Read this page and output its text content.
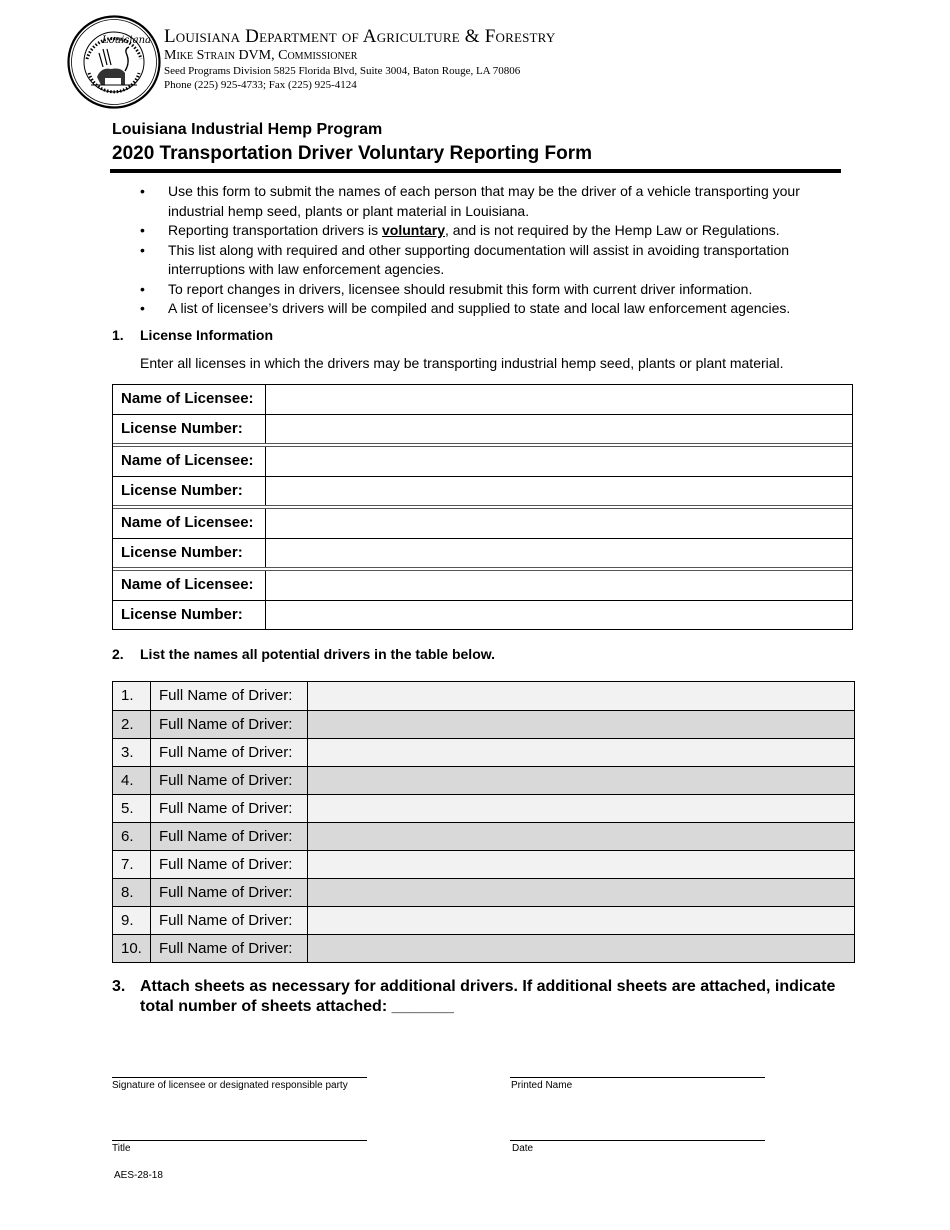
Louisiana Louisiana Department of Agriculture & Forestry
Mike Strain DVM, Commissioner
Seed Programs Division 5825 Florida Blvd, Suite 3004, Baton Rouge, LA 70806
Phone (225) 925-4733; Fax (225) 925-4124
Louisiana Industrial Hemp Program
2020 Transportation Driver Voluntary Reporting Form
•	Use this form to submit the names of each person that may be the driver of a vehicle transporting your industrial hemp seed, plants or plant material in Louisiana.
•	Reporting transportation drivers is voluntary, and is not required by the Hemp Law or Regulations.
•	This list along with required and other supporting documentation will assist in avoiding transportation interruptions with law enforcement agencies.
•	To report changes in drivers, licensee should resubmit this form with current driver information.
•	A list of licensee’s drivers will be compiled and supplied to state and local law enforcement agencies.
1. License Information
Enter all licenses in which the drivers may be transporting industrial hemp seed, plants or plant material.
Name of Licensee:
License Number:
Name of Licensee:
License Number:
Name of Licensee:
License Number:
Name of Licensee:
License Number:
2. List the names all potential drivers in the table below.
1.	Full Name of Driver:
2.	Full Name of Driver:
3.	Full Name of Driver:
4.	Full Name of Driver:
5.	Full Name of Driver:
6.	Full Name of Driver:
7.	Full Name of Driver:
8.	Full Name of Driver:
9.	Full Name of Driver:
10.	Full Name of Driver:
3. Attach sheets as necessary for additional drivers. If additional sheets are attached, indicate total number of sheets attached: _______
Signature of licensee or designated responsible party	Printed Name
Title	Date
AES-28-18
